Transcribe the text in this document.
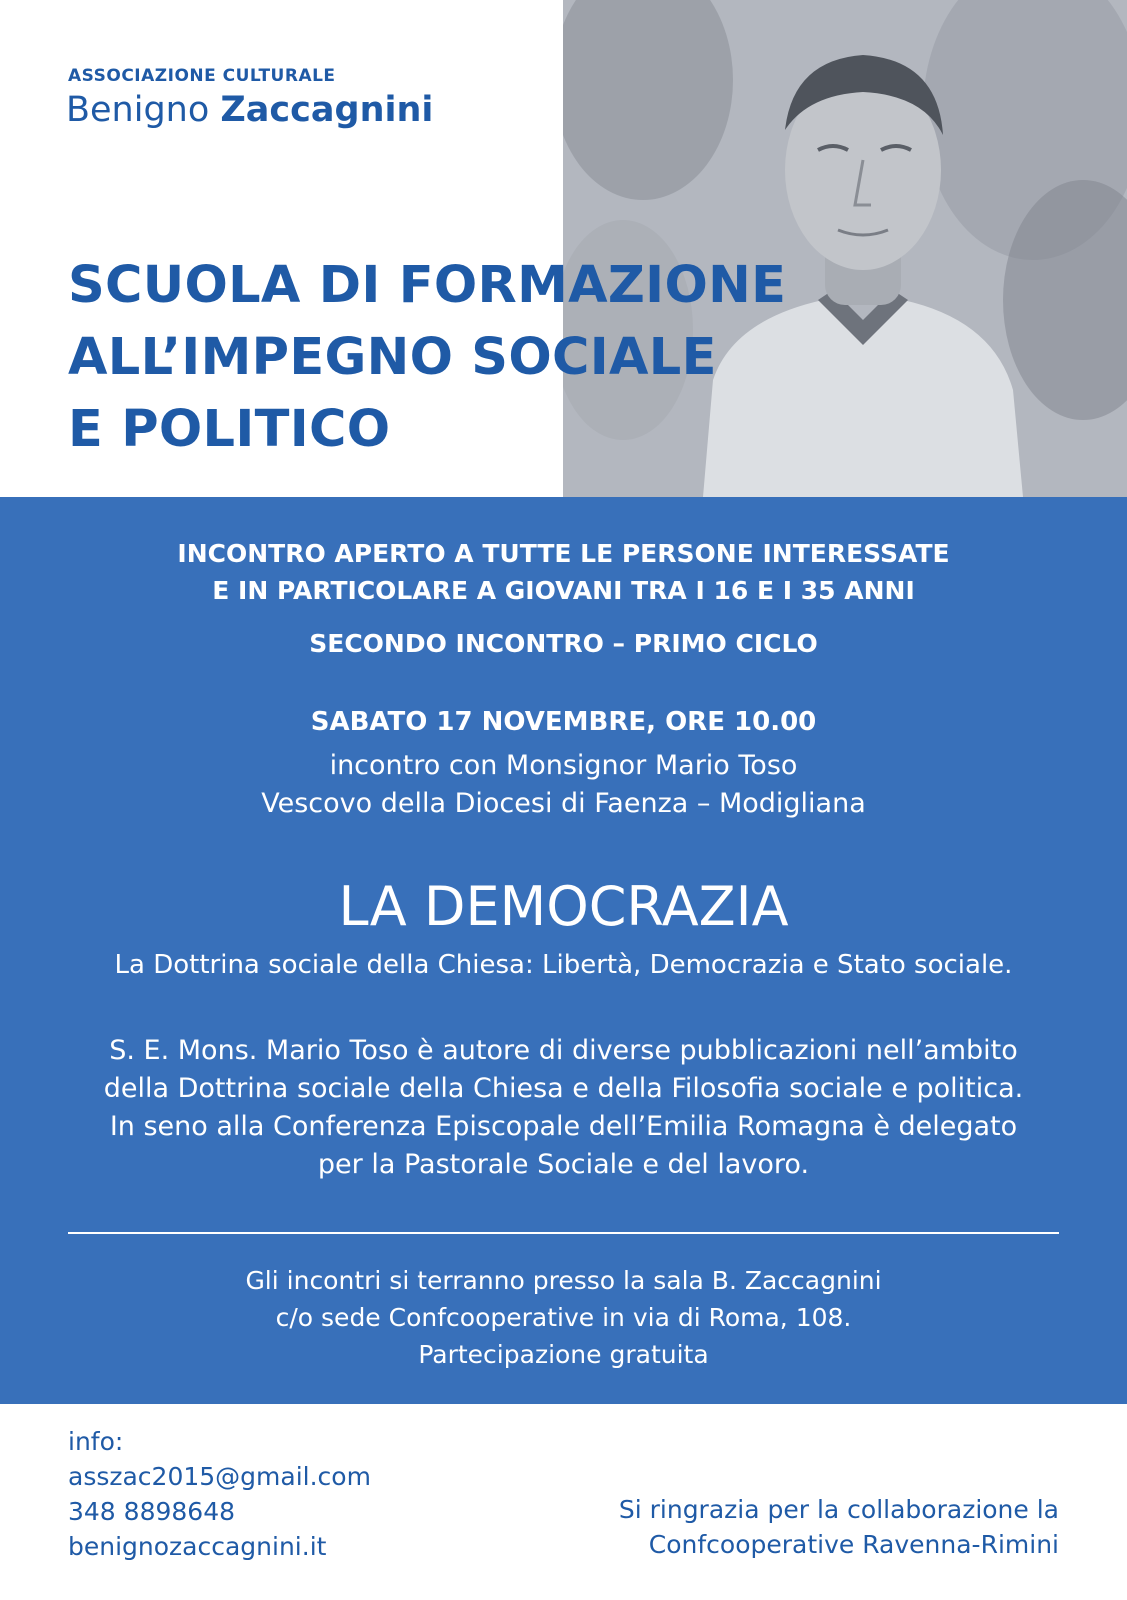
ASSOCIAZIONE CULTURALE
Benigno Zaccagnini
SCUOLA DI FORMAZIONE
ALL’IMPEGNO SOCIALE
E POLITICO
INCONTRO APERTO A TUTTE LE PERSONE INTERESSATE
E IN PARTICOLARE A GIOVANI TRA I 16 E I 35 ANNI
SECONDO INCONTRO – PRIMO CICLO
SABATO 17 NOVEMBRE, ORE 10.00
incontro con Monsignor Mario Toso
Vescovo della Diocesi di Faenza – Modigliana
LA DEMOCRAZIA
La Dottrina sociale della Chiesa: Libertà, Democrazia e Stato sociale.
S. E. Mons. Mario Toso è autore di diverse pubblicazioni nell’ambito
della Dottrina sociale della Chiesa e della Filosofia sociale e politica.
In seno alla Conferenza Episcopale dell’Emilia Romagna è delegato
per la Pastorale Sociale e del lavoro.
Gli incontri si terranno presso la sala B. Zaccagnini
c/o sede Confcooperative in via di Roma, 108.
Partecipazione gratuita
info:
asszac2015@gmail.com
348 8898648
benignozaccagnini.it
Si ringrazia per la collaborazione la
Confcooperative Ravenna-Rimini
